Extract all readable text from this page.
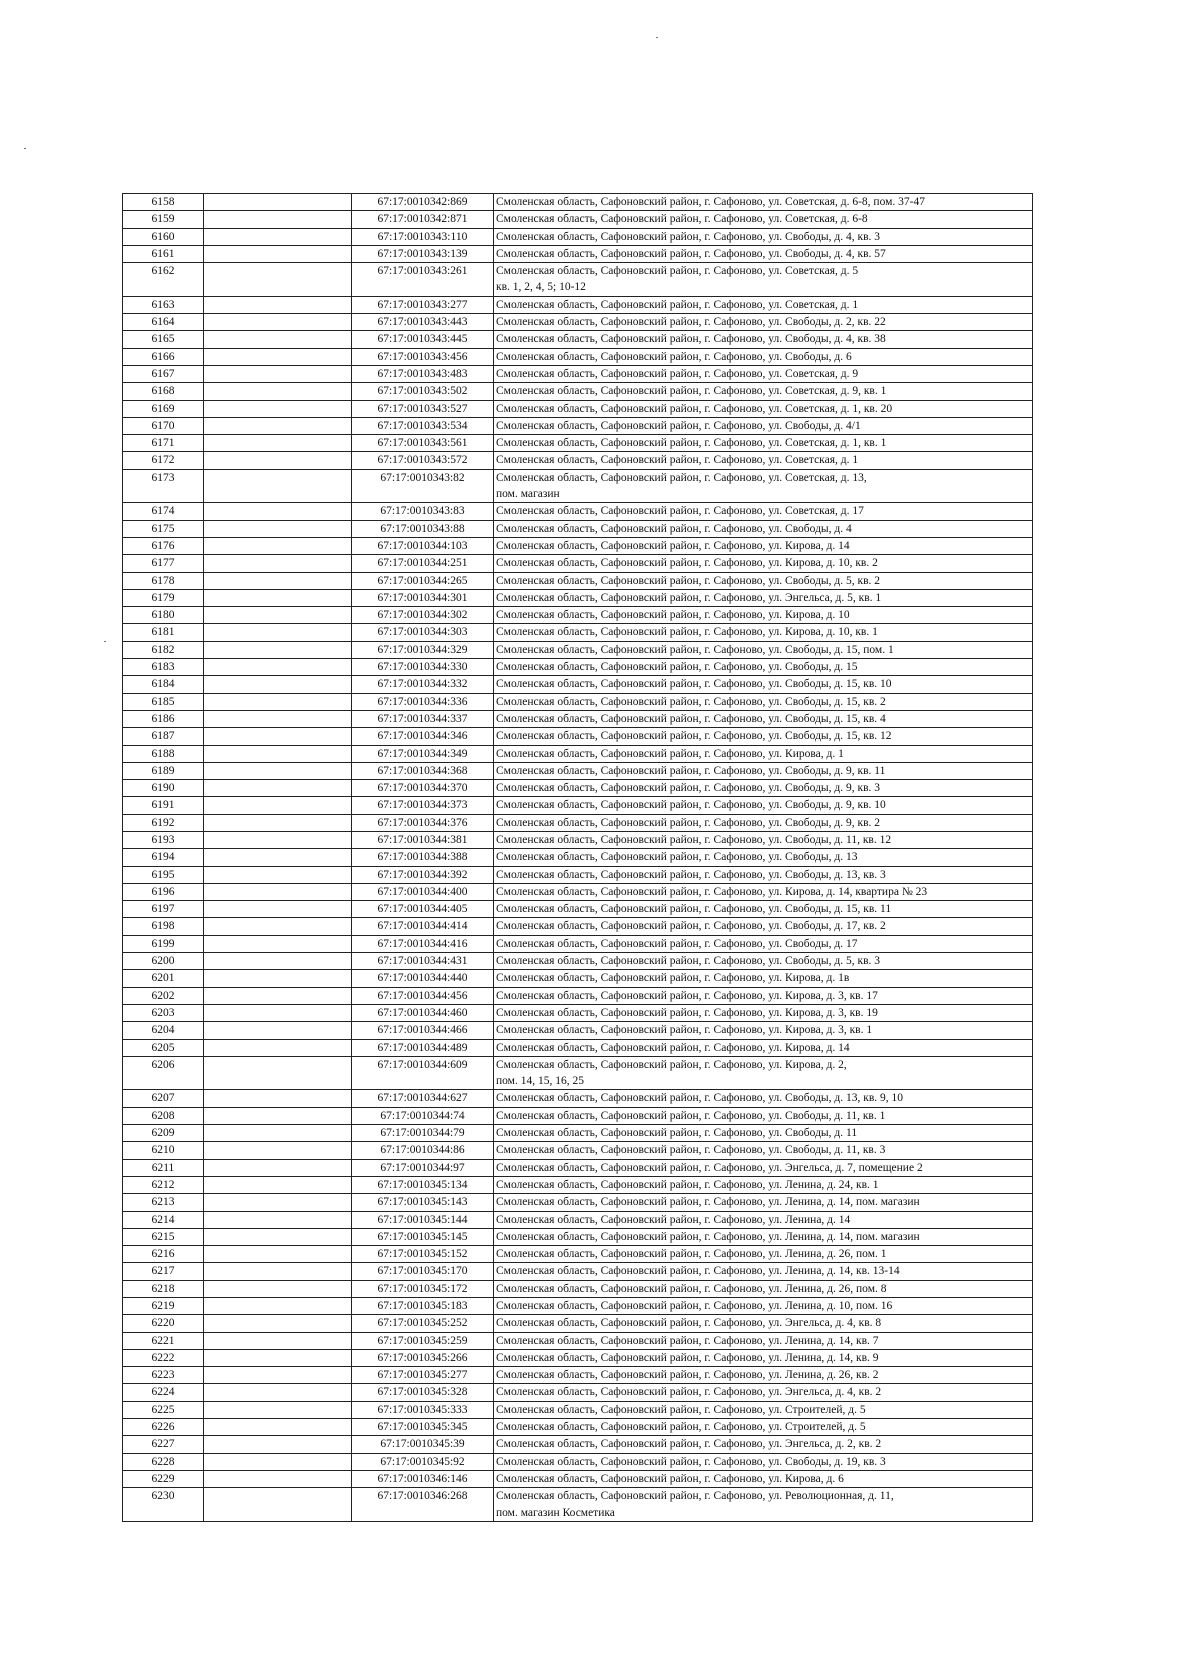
6158		67:17:0010342:869	Смоленская область, Сафоновский район, г. Сафоново, ул. Советская, д. 6-8, пом. 37-47

6159		67:17:0010342:871	Смоленская область, Сафоновский район, г. Сафоново, ул. Советская, д. 6-8

6160		67:17:0010343:110	Смоленская область, Сафоновский район, г. Сафоново, ул. Свободы, д. 4, кв. 3

6161		67:17:0010343:139	Смоленская область, Сафоновский район, г. Сафоново, ул. Свободы, д. 4, кв. 57

6162		67:17:0010343:261	Смоленская область, Сафоновский район, г. Сафоново, ул. Советская, д. 5
кв. 1, 2, 4, 5; 10-12

6163		67:17:0010343:277	Смоленская область, Сафоновский район, г. Сафоново, ул. Советская, д. 1

6164		67:17:0010343:443	Смоленская область, Сафоновский район, г. Сафоново, ул. Свободы, д. 2, кв. 22

6165		67:17:0010343:445	Смоленская область, Сафоновский район, г. Сафоново, ул. Свободы, д. 4, кв. 38

6166		67:17:0010343:456	Смоленская область, Сафоновский район, г. Сафоново, ул. Свободы, д. 6

6167		67:17:0010343:483	Смоленская область, Сафоновский район, г. Сафоново, ул. Советская, д. 9

6168		67:17:0010343:502	Смоленская область, Сафоновский район, г. Сафоново, ул. Советская, д. 9, кв. 1

6169		67:17:0010343:527	Смоленская область, Сафоновский район, г. Сафоново, ул. Советская, д. 1, кв. 20

6170		67:17:0010343:534	Смоленская область, Сафоновский район, г. Сафоново, ул. Свободы, д. 4/1

6171		67:17:0010343:561	Смоленская область, Сафоновский район, г. Сафоново, ул. Советская, д. 1, кв. 1

6172		67:17:0010343:572	Смоленская область, Сафоновский район, г. Сафоново, ул. Советская, д. 1

6173		67:17:0010343:82	Смоленская область, Сафоновский район, г. Сафоново, ул. Советская, д. 13,
пом. магазин

6174		67:17:0010343:83	Смоленская область, Сафоновский район, г. Сафоново, ул. Советская, д. 17

6175		67:17:0010343:88	Смоленская область, Сафоновский район, г. Сафоново, ул. Свободы, д. 4

6176		67:17:0010344:103	Смоленская область, Сафоновский район, г. Сафоново, ул. Кирова, д. 14

6177		67:17:0010344:251	Смоленская область, Сафоновский район, г. Сафоново, ул. Кирова, д. 10, кв. 2

6178		67:17:0010344:265	Смоленская область, Сафоновский район, г. Сафоново, ул. Свободы, д. 5, кв. 2

6179		67:17:0010344:301	Смоленская область, Сафоновский район, г. Сафоново, ул. Энгельса, д. 5, кв. 1

6180		67:17:0010344:302	Смоленская область, Сафоновский район, г. Сафоново, ул. Кирова, д. 10

6181		67:17:0010344:303	Смоленская область, Сафоновский район, г. Сафоново, ул. Кирова, д. 10, кв. 1

6182		67:17:0010344:329	Смоленская область, Сафоновский район, г. Сафоново, ул. Свободы, д. 15, пом. 1

6183		67:17:0010344:330	Смоленская область, Сафоновский район, г. Сафоново, ул. Свободы, д. 15

6184		67:17:0010344:332	Смоленская область, Сафоновский район, г. Сафоново, ул. Свободы, д. 15, кв. 10

6185		67:17:0010344:336	Смоленская область, Сафоновский район, г. Сафоново, ул. Свободы, д. 15, кв. 2

6186		67:17:0010344:337	Смоленская область, Сафоновский район, г. Сафоново, ул. Свободы, д. 15, кв. 4

6187		67:17:0010344:346	Смоленская область, Сафоновский район, г. Сафоново, ул. Свободы, д. 15, кв. 12

6188		67:17:0010344:349	Смоленская область, Сафоновский район, г. Сафоново, ул. Кирова, д. 1

6189		67:17:0010344:368	Смоленская область, Сафоновский район, г. Сафоново, ул. Свободы, д. 9, кв. 11

6190		67:17:0010344:370	Смоленская область, Сафоновский район, г. Сафоново, ул. Свободы, д. 9, кв. 3

6191		67:17:0010344:373	Смоленская область, Сафоновский район, г. Сафоново, ул. Свободы, д. 9, кв. 10

6192		67:17:0010344:376	Смоленская область, Сафоновский район, г. Сафоново, ул. Свободы, д. 9, кв. 2

6193		67:17:0010344:381	Смоленская область, Сафоновский район, г. Сафоново, ул. Свободы, д. 11, кв. 12

6194		67:17:0010344:388	Смоленская область, Сафоновский район, г. Сафоново, ул. Свободы, д. 13

6195		67:17:0010344:392	Смоленская область, Сафоновский район, г. Сафоново, ул. Свободы, д. 13, кв. 3

6196		67:17:0010344:400	Смоленская область, Сафоновский район, г. Сафоново, ул. Кирова, д. 14, квартира № 23

6197		67:17:0010344:405	Смоленская область, Сафоновский район, г. Сафоново, ул. Свободы, д. 15, кв. 11

6198		67:17:0010344:414	Смоленская область, Сафоновский район, г. Сафоново, ул. Свободы, д. 17, кв. 2

6199		67:17:0010344:416	Смоленская область, Сафоновский район, г. Сафоново, ул. Свободы, д. 17

6200		67:17:0010344:431	Смоленская область, Сафоновский район, г. Сафоново, ул. Свободы, д. 5, кв. 3

6201		67:17:0010344:440	Смоленская область, Сафоновский район, г. Сафоново, ул. Кирова, д. 1в

6202		67:17:0010344:456	Смоленская область, Сафоновский район, г. Сафоново, ул. Кирова, д. 3, кв. 17

6203		67:17:0010344:460	Смоленская область, Сафоновский район, г. Сафоново, ул. Кирова, д. 3, кв. 19

6204		67:17:0010344:466	Смоленская область, Сафоновский район, г. Сафоново, ул. Кирова, д. 3, кв. 1

6205		67:17:0010344:489	Смоленская область, Сафоновский район, г. Сафоново, ул. Кирова, д. 14

6206		67:17:0010344:609	Смоленская область, Сафоновский район, г. Сафоново, ул. Кирова, д. 2,
пом. 14, 15, 16, 25

6207		67:17:0010344:627	Смоленская область, Сафоновский район, г. Сафоново, ул. Свободы, д. 13, кв. 9, 10

6208		67:17:0010344:74	Смоленская область, Сафоновский район, г. Сафоново, ул. Свободы, д. 11, кв. 1

6209		67:17:0010344:79	Смоленская область, Сафоновский район, г. Сафоново, ул. Свободы, д. 11

6210		67:17:0010344:86	Смоленская область, Сафоновский район, г. Сафоново, ул. Свободы, д. 11, кв. 3

6211		67:17:0010344:97	Смоленская область, Сафоновский район, г. Сафоново, ул. Энгельса, д. 7, помещение 2

6212		67:17:0010345:134	Смоленская область, Сафоновский район, г. Сафоново, ул. Ленина, д. 24, кв. 1

6213		67:17:0010345:143	Смоленская область, Сафоновский район, г. Сафоново, ул. Ленина, д. 14, пом. магазин

6214		67:17:0010345:144	Смоленская область, Сафоновский район, г. Сафоново, ул. Ленина, д. 14

6215		67:17:0010345:145	Смоленская область, Сафоновский район, г. Сафоново, ул. Ленина, д. 14, пом. магазин

6216		67:17:0010345:152	Смоленская область, Сафоновский район, г. Сафоново, ул. Ленина, д. 26, пом. 1

6217		67:17:0010345:170	Смоленская область, Сафоновский район, г. Сафоново, ул. Ленина, д. 14, кв. 13-14

6218		67:17:0010345:172	Смоленская область, Сафоновский район, г. Сафоново, ул. Ленина, д. 26, пом. 8

6219		67:17:0010345:183	Смоленская область, Сафоновский район, г. Сафоново, ул. Ленина, д. 10, пом. 16

6220		67:17:0010345:252	Смоленская область, Сафоновский район, г. Сафоново, ул. Энгельса, д. 4, кв. 8

6221		67:17:0010345:259	Смоленская область, Сафоновский район, г. Сафоново, ул. Ленина, д. 14, кв. 7

6222		67:17:0010345:266	Смоленская область, Сафоновский район, г. Сафоново, ул. Ленина, д. 14, кв. 9

6223		67:17:0010345:277	Смоленская область, Сафоновский район, г. Сафоново, ул. Ленина, д. 26, кв. 2

6224		67:17:0010345:328	Смоленская область, Сафоновский район, г. Сафоново, ул. Энгельса, д. 4, кв. 2

6225		67:17:0010345:333	Смоленская область, Сафоновский район, г. Сафоново, ул. Строителей, д. 5

6226		67:17:0010345:345	Смоленская область, Сафоновский район, г. Сафоново, ул. Строителей, д. 5

6227		67:17:0010345:39	Смоленская область, Сафоновский район, г. Сафоново, ул. Энгельса, д. 2, кв. 2

6228		67:17:0010345:92	Смоленская область, Сафоновский район, г. Сафоново, ул. Свободы, д. 19, кв. 3

6229		67:17:0010346:146	Смоленская область, Сафоновский район, г. Сафоново, ул. Кирова, д. 6

6230		67:17:0010346:268	Смоленская область, Сафоновский район, г. Сафоново, ул. Революционная, д. 11,
пом. магазин Косметика
